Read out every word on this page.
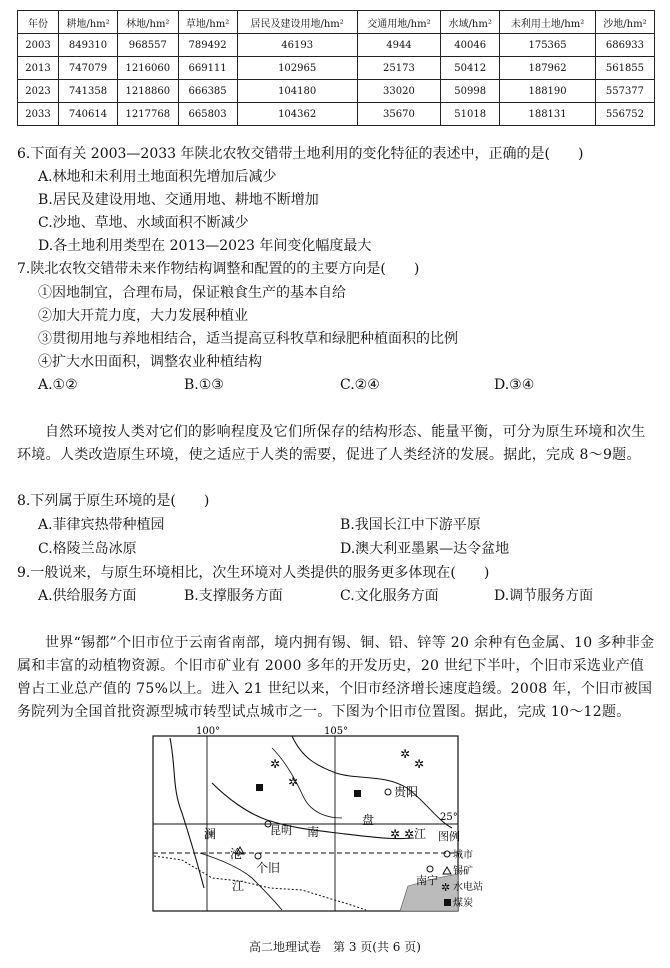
年份	耕地/hm²	林地/hm²	草地/hm²	居民及建设用地/hm²	交通用地/hm²	水域/hm²	未利用土地/hm²	沙地/hm²
2003	849310	968557	789492	46193	4944	40046	175365	686933
2013	747079	1216060	669111	102965	25173	50412	187962	561855
2023	741358	1218860	666385	104180	33020	50998	188190	557377
2033	740614	1217768	665803	104362	35670	51018	188131	556752
6.下面有关 2003—2033 年陕北农牧交错带土地利用的变化特征的表述中，正确的是(　　)
A.林地和未利用土地面积先增加后减少
B.居民及建设用地、交通用地、耕地不断增加
C.沙地、草地、水域面积不断减少
D.各土地利用类型在 2013—2023 年间变化幅度最大
7.陕北农牧交错带未来作物结构调整和配置的的主要方向是(　　)
①因地制宜，合理布局，保证粮食生产的基本自给
②加大开荒力度，大力发展种植业
③贯彻用地与养地相结合，适当提高豆科牧草和绿肥种植面积的比例
④扩大水田面积，调整农业种植结构
A.①②	B.①③	C.②④	D.③④
自然环境按人类对它们的影响程度及它们所保存的结构形态、能量平衡，可分为原生环境和次生环境。人类改造原生环境，使之适应于人类的需要，促进了人类经济的发展。据此，完成 8～9题。
8.下列属于原生环境的是(　　)
A.菲律宾热带种植园	B.我国长江中下游平原
C.格陵兰岛冰原	D.澳大利亚墨累—达令盆地
9.一般说来，与原生环境相比，次生环境对人类提供的服务更多体现在(　　)
A.供给服务方面	B.支撑服务方面	C.文化服务方面	D.调节服务方面
世界“锡都”个旧市位于云南省南部，境内拥有锡、铜、铅、锌等 20 余种有色金属、10 多种非金属和丰富的动植物资源。个旧市矿业有 2000 多年的开发历史，20 世纪下半叶，个旧市采选业产值曾占工业总产值的 75%以上。进入 21 世纪以来，个旧市经济增长速度趋缓。2008 年，个旧市被国务院列为全国首批资源型城市转型试点城市之一。下图为个旧市位置图。据此，完成 10～12题。
100°	105°
25°
贵阳
昆明
个旧
南宁
澜
沧
江
南
盘
江
✲
✲
✲
✲
✲ ✲ 图例
城市
锡矿
✲ 水电站
煤炭
高二地理试卷　第 3 页(共 6 页)
